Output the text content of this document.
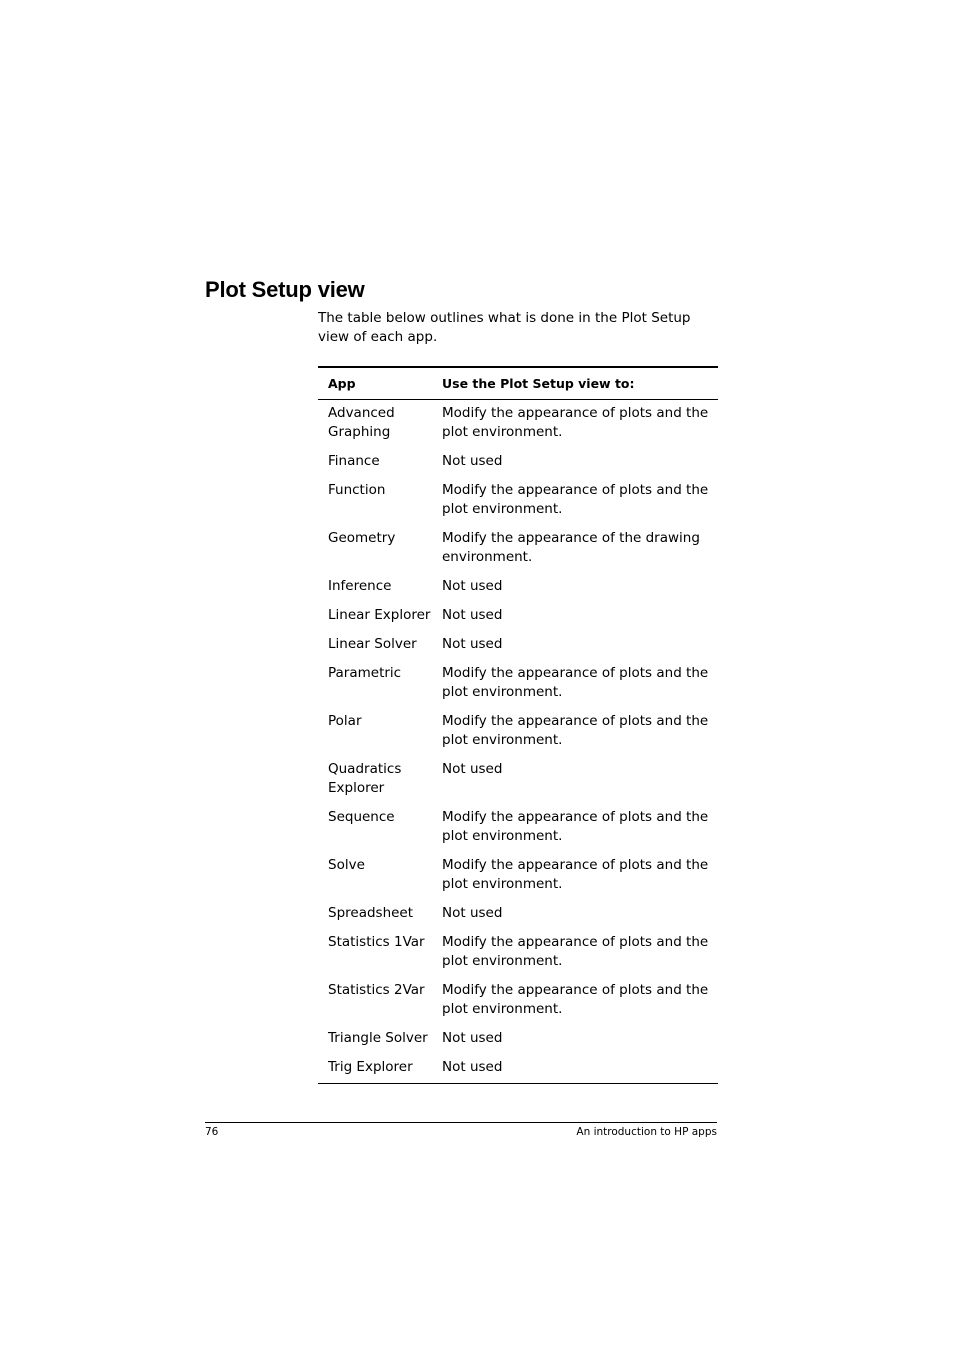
Plot Setup view

The table below outlines what is done in the Plot Setup view of each app.

App	Use the Plot Setup view to:
Advanced Graphing	Modify the appearance of plots and the plot environment.
Finance	Not used
Function	Modify the appearance of plots and the plot environment.
Geometry	Modify the appearance of the drawing environment.
Inference	Not used
Linear Explorer	Not used
Linear Solver	Not used
Parametric	Modify the appearance of plots and the plot environment.
Polar	Modify the appearance of plots and the plot environment.
Quadratics Explorer	Not used
Sequence	Modify the appearance of plots and the plot environment.
Solve	Modify the appearance of plots and the plot environment.
Spreadsheet	Not used
Statistics 1Var	Modify the appearance of plots and the plot environment.
Statistics 2Var	Modify the appearance of plots and the plot environment.
Triangle Solver	Not used
Trig Explorer	Not used
76	An introduction to HP apps
